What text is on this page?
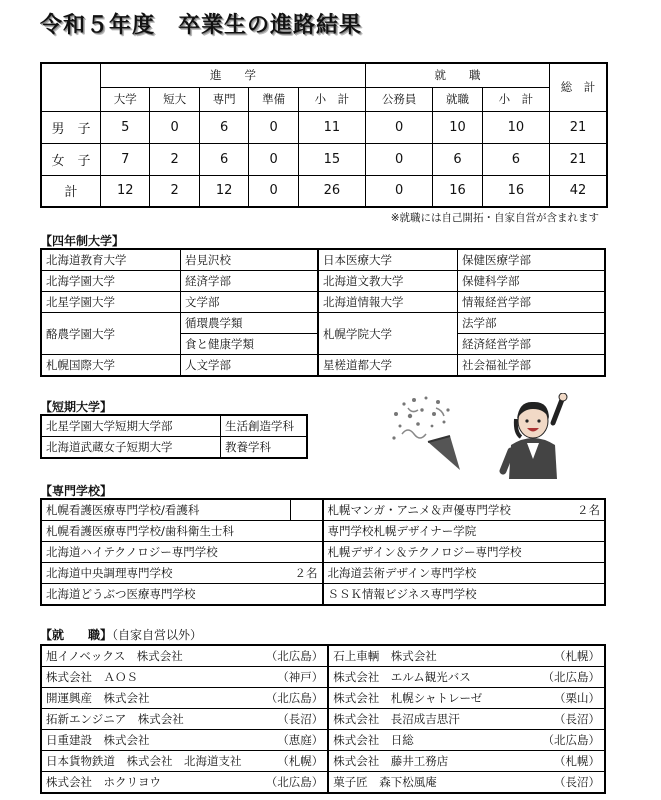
令和５年度　卒業生の進路結果
	進　　学					就　　職			総　計
	大学	短大	専門	準備	小　計	公務員	就職	小　計	
男　子	5	0	6	0	11	0	10	10	21
女　子	7	2	6	0	15	0	6	6	21
計	12	2	12	0	26	0	16	16	42
※就職には自己開拓・自家自営が含まれます
【四年制大学】
北海道教育大学	岩見沢校	日本医療大学	保健医療学部
北海学園大学	経済学部	北海道文教大学	保健科学部
北星学園大学	文学部	北海道情報大学	情報経営学部
酪農学園大学	循環農学類	札幌学院大学	法学部
	食と健康学類		経済経営学部
札幌国際大学	人文学部	星槎道都大学	社会福祉学部
【短期大学】
北星学園大学短期大学部	生活創造学科
北海道武蔵女子短期大学	教養学科
【専門学校】
札幌看護医療専門学校/看護科		札幌マンガ・アニメ＆声優専門学校	２名
札幌看護医療専門学校/歯科衛生士科		専門学校札幌デザイナー学院	
北海道ハイテクノロジー専門学校		札幌デザイン＆テクノロジー専門学校	
北海道中央調理専門学校	２名	北海道芸術デザイン専門学校	
北海道どうぶつ医療専門学校		ＳＳＫ情報ビジネス専門学校	
【就　　職】（自家自営以外）
旭イノベックス　株式会社	（北広島）	石上車輌　株式会社	（札幌）
株式会社　ＡＯＳ	（神戸）	株式会社　エルム観光バス	（北広島）
開運興産　株式会社	（北広島）	株式会社　札幌シャトレーゼ	（栗山）
拓新エンジニア　株式会社	（長沼）	株式会社　長沼成吉思汗	（長沼）
日重建設　株式会社	（恵庭）	株式会社　日総	（北広島）
日本貨物鉄道　株式会社　北海道支社	（札幌）	株式会社　藤井工務店	（札幌）
株式会社　ホクリヨウ	（北広島）	菓子匠　森下松風庵	（長沼）
